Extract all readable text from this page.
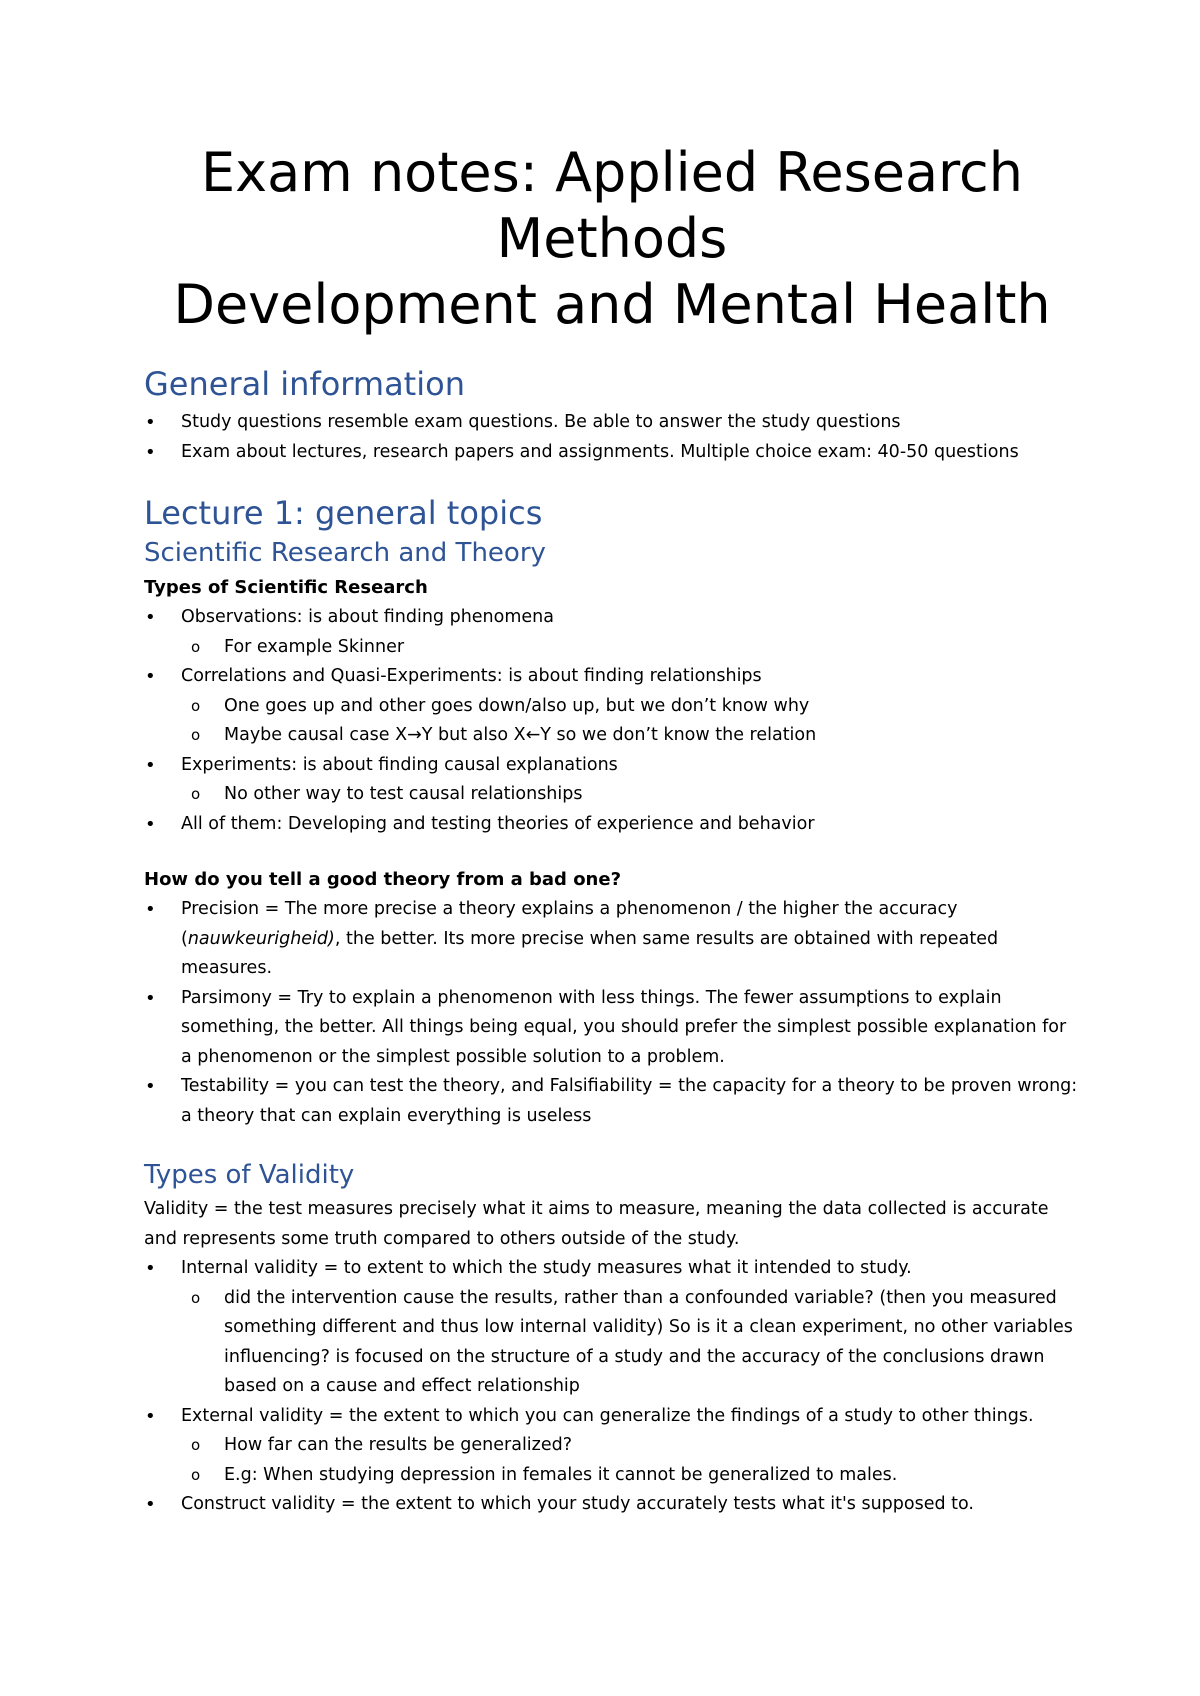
Exam notes: Applied Research
Methods
Development and Mental Health
General information
• Study questions resemble exam questions. Be able to answer the study questions
• Exam about lectures, research papers and assignments. Multiple choice exam: 40-50 questions
Lecture 1: general topics
Scientific Research and Theory
Types of Scientific Research
• Observations: is about finding phenomena
o For example Skinner
• Correlations and Quasi-Experiments: is about finding relationships
o One goes up and other goes down/also up, but we don’t know why
o Maybe causal case X→Y but also X←Y so we don’t know the relation
• Experiments: is about finding causal explanations
o No other way to test causal relationships
• All of them: Developing and testing theories of experience and behavior
How do you tell a good theory from a bad one?
• Precision = The more precise a theory explains a phenomenon / the higher the accuracy (nauwkeurigheid), the better. Its more precise when same results are obtained with repeated measures.
• Parsimony = Try to explain a phenomenon with less things. The fewer assumptions to explain something, the better. All things being equal, you should prefer the simplest possible explanation for a phenomenon or the simplest possible solution to a problem.
• Testability = you can test the theory, and Falsifiability = the capacity for a theory to be proven wrong: a theory that can explain everything is useless
Types of Validity

Validity = the test measures precisely what it aims to measure, meaning the data collected is accurate and represents some truth compared to others outside of the study.

• Internal validity = to extent to which the study measures what it intended to study.
o did the intervention cause the results, rather than a confounded variable? (then you measured something different and thus low internal validity) So is it a clean experiment, no other variables influencing? is focused on the structure of a study and the accuracy of the conclusions drawn based on a cause and effect relationship
• External validity = the extent to which you can generalize the findings of a study to other things.
o How far can the results be generalized?
o E.g: When studying depression in females it cannot be generalized to males.
• Construct validity = the extent to which your study accurately tests what it's supposed to.
